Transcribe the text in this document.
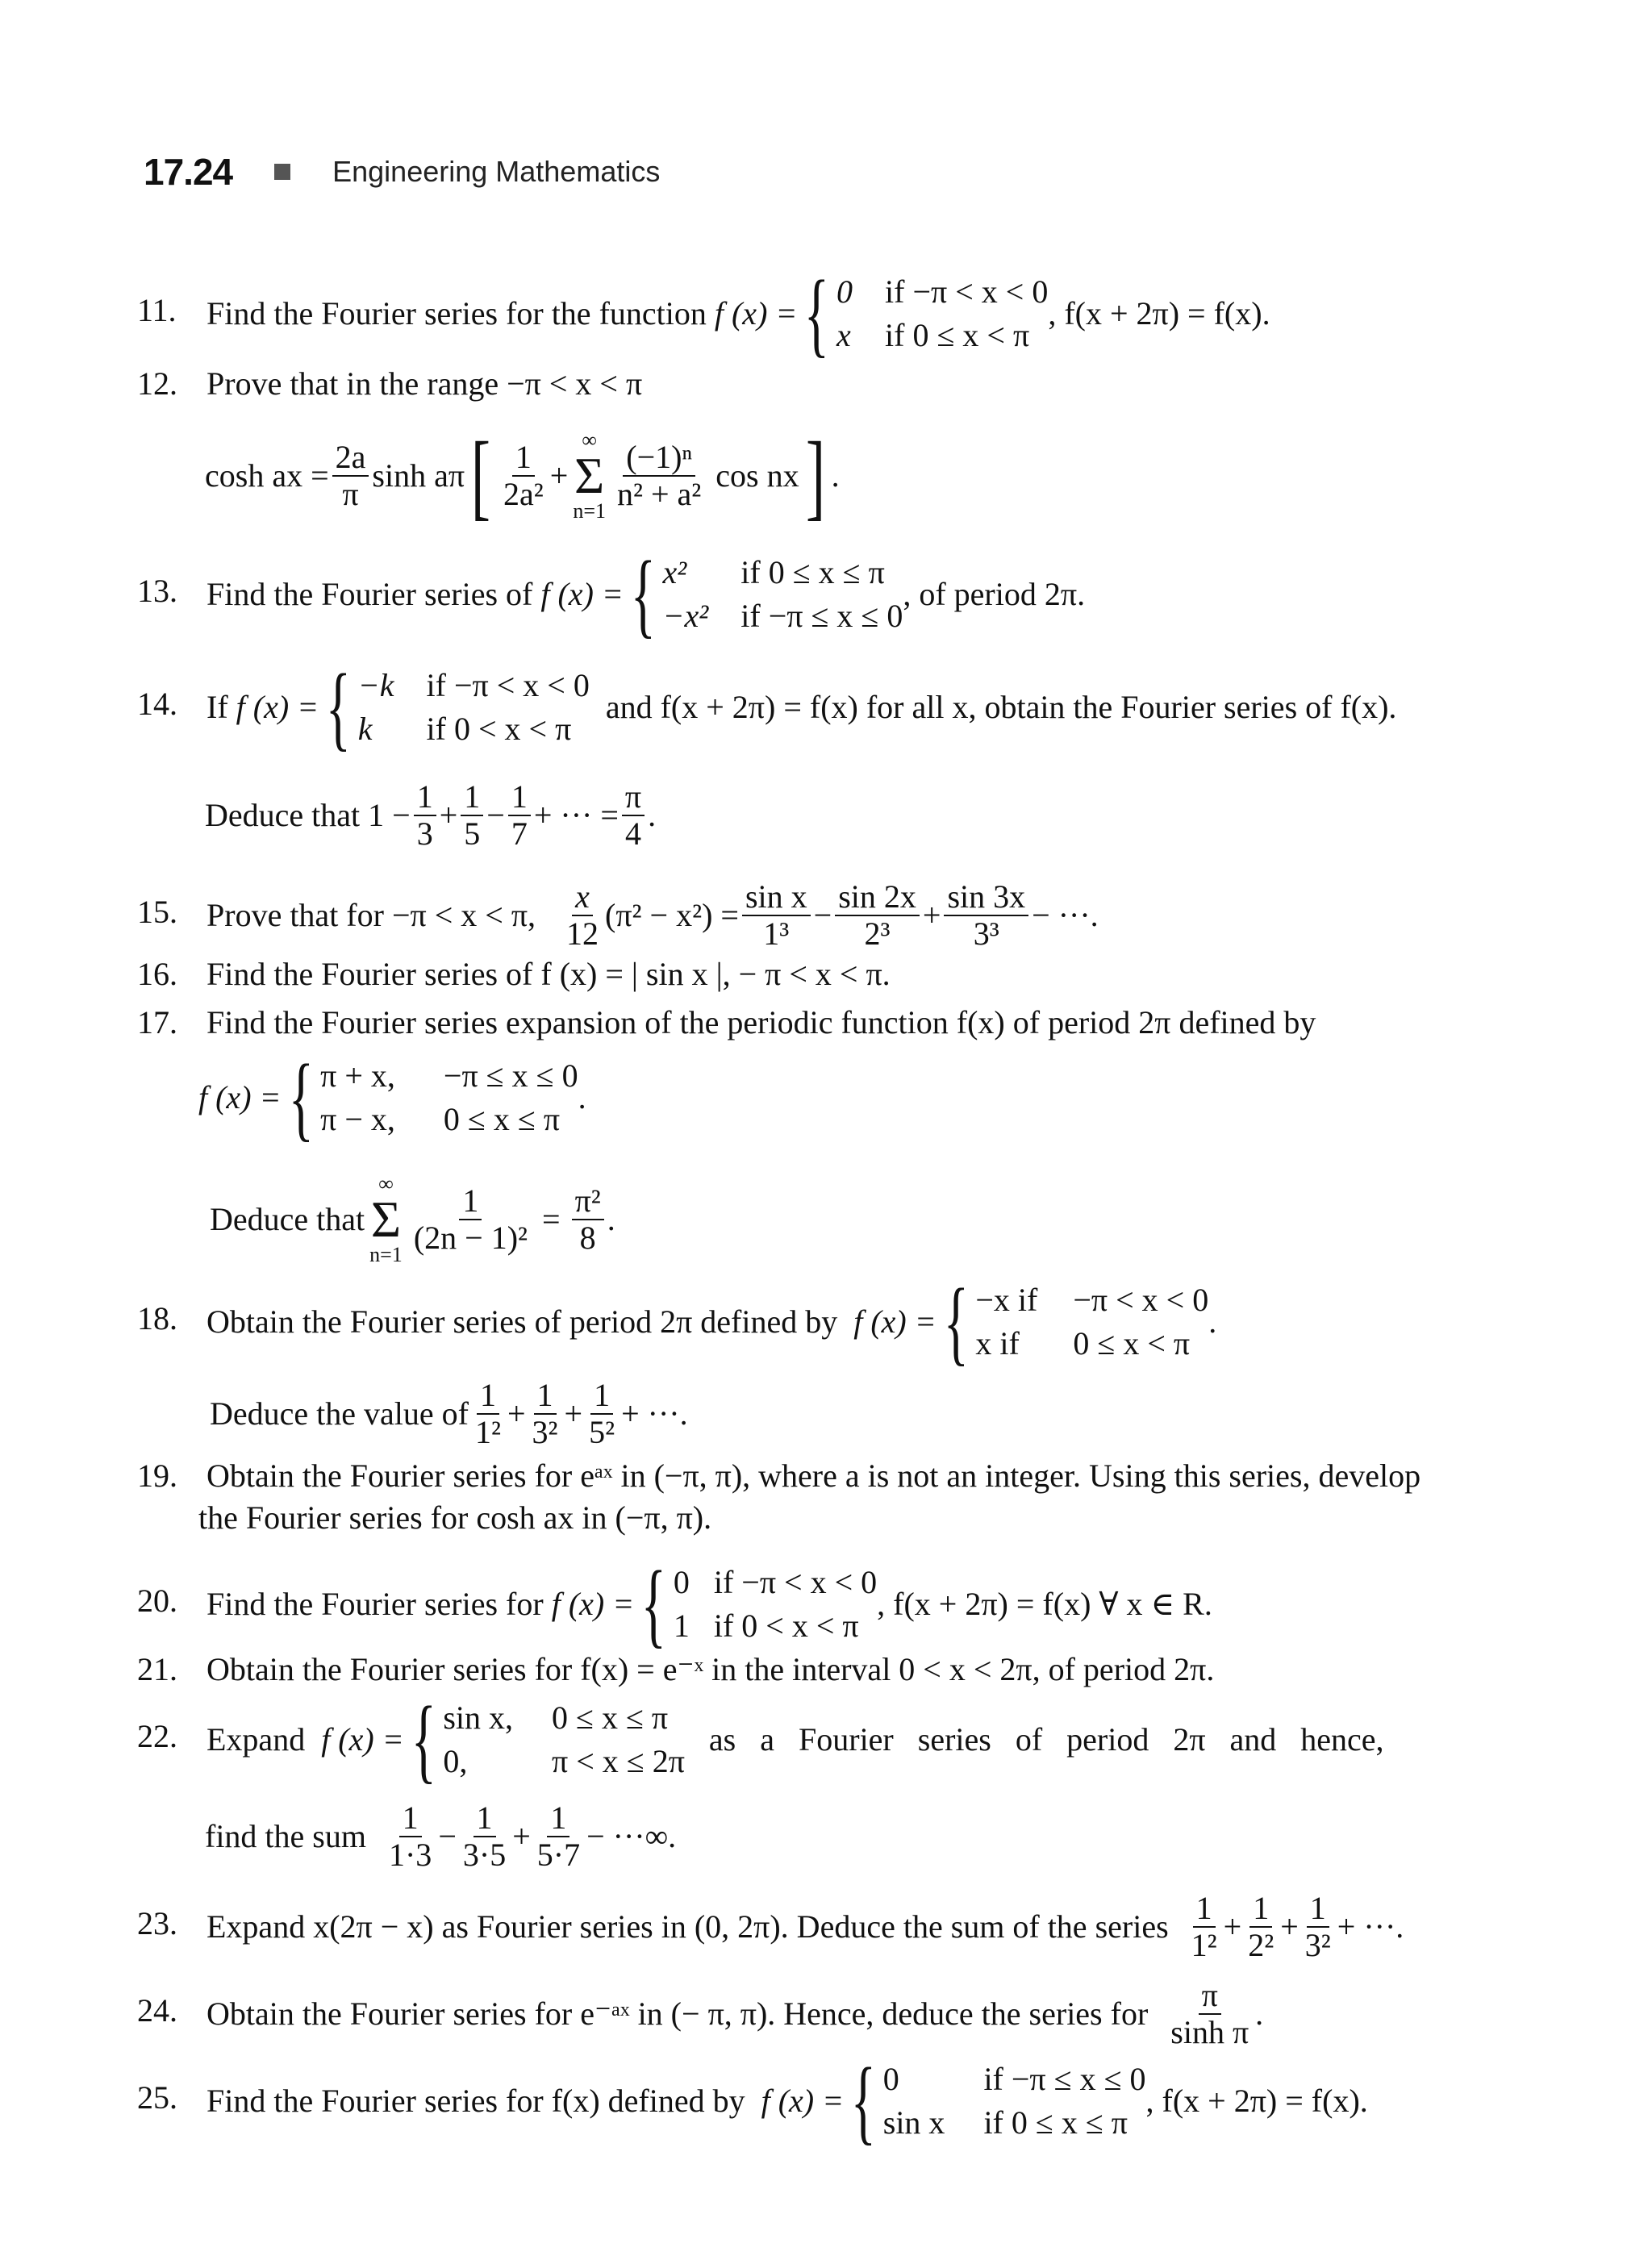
17.24	Engineering Mathematics
11. Find the Fourier series for the function
f (x) = { 0 if −π < x < 0
x if 0 ≤ x < π
, f(x + 2π) = f(x).
12. Prove that in the range −π < x < π
cosh ax = $\frac{2a}{\pi}$ sinh aπ [ $\frac{1}{\text{2a²}}$ +
∞
Σ
$n=1 \frac{\text{(−1)ⁿ}}{\text{n² + a²}}$
cos nx ] .
13. Find the Fourier series of
f (x) = { x²	if 0 ≤ x ≤ π
−x² if −π ≤ x ≤ 0
, of period 2π.
14. If
f (x) = { −k if −π < x < 0
k	if 0 < x < π

and f(x + 2π) = f(x) for all x, obtain the Fourier series of f(x).
Deduce that $1 - \frac{1}{3} + \frac{1}{5} - \frac{1}{7}$ + ··· = $\frac{\pi}{4}$ .
15. Prove that for −π < x < π,
$\frac{x}{12} (\pi^2 - x^2) = \frac{\text{sin x}}{\text{1³}} - \frac{\sin 2x}{\text{2³}} + \frac{\sin 3x}{\text{3³}}$ − ···.
16. Find the Fourier series of f (x) = | sin x |, − π < x < π.
17. Find the Fourier series expansion of the periodic function f(x) of period 2π defined by
f (x) = { π + x, −π ≤ x ≤ 0
π − x, 0 ≤ x ≤ π
.
Deduce that
∞
Σ
$n=1 \frac{1}{\text{(2n − 1)²}}$
=
$\frac{\text{π²}}{8}$ .
18. Obtain the Fourier series of period 2π defined by
f (x) = { −x if −π < x < 0
x if	0 ≤ x < π
.
Deduce the value of $\frac{1}{\text{1²}} + \frac{1}{\text{3²}} + \frac{1}{\text{5²}}$ + ···.
19. Obtain the Fourier series for eᵃˣ in (−π, π), where a is not an integer. Using this series, develop
the Fourier series for cosh ax in (−π, π).
20. Find the Fourier series for
f (x) = { 0 if −π < x < 0
1 if 0 < x < π
, f(x + 2π) = f(x) ∀ x ∈ R.
21. Obtain the Fourier series for f(x) = e⁻ˣ in the interval 0 < x < 2π, of period 2π.
22. Expand
f (x) = { sin x, 0 ≤ x ≤ π
0,	π < x ≤ 2π

as   a   Fourier   series   of   period   2π   and   hence,
find the sum
$\frac{1}{1\cdot 3} - \frac{1}{3\cdot 5} + \frac{1}{5\cdot 7}$ − ···∞.
23. Expand x(2π − x) as Fourier series in (0, 2π). Deduce the sum of the series
$\frac{1}{\text{1²}} + \frac{1}{\text{2²}} + \frac{1}{\text{3²}}$ + ···.
24. Obtain the Fourier series for e⁻ᵃˣ in (− π, π). Hence, deduce the series for
$\frac{\pi}{\text{sinh π}}$ .
25. Find the Fourier series for f(x) defined by
f (x) = { 0	if −π ≤ x ≤ 0
sin x if 0 ≤ x ≤ π
, f(x + 2π) = f(x).
